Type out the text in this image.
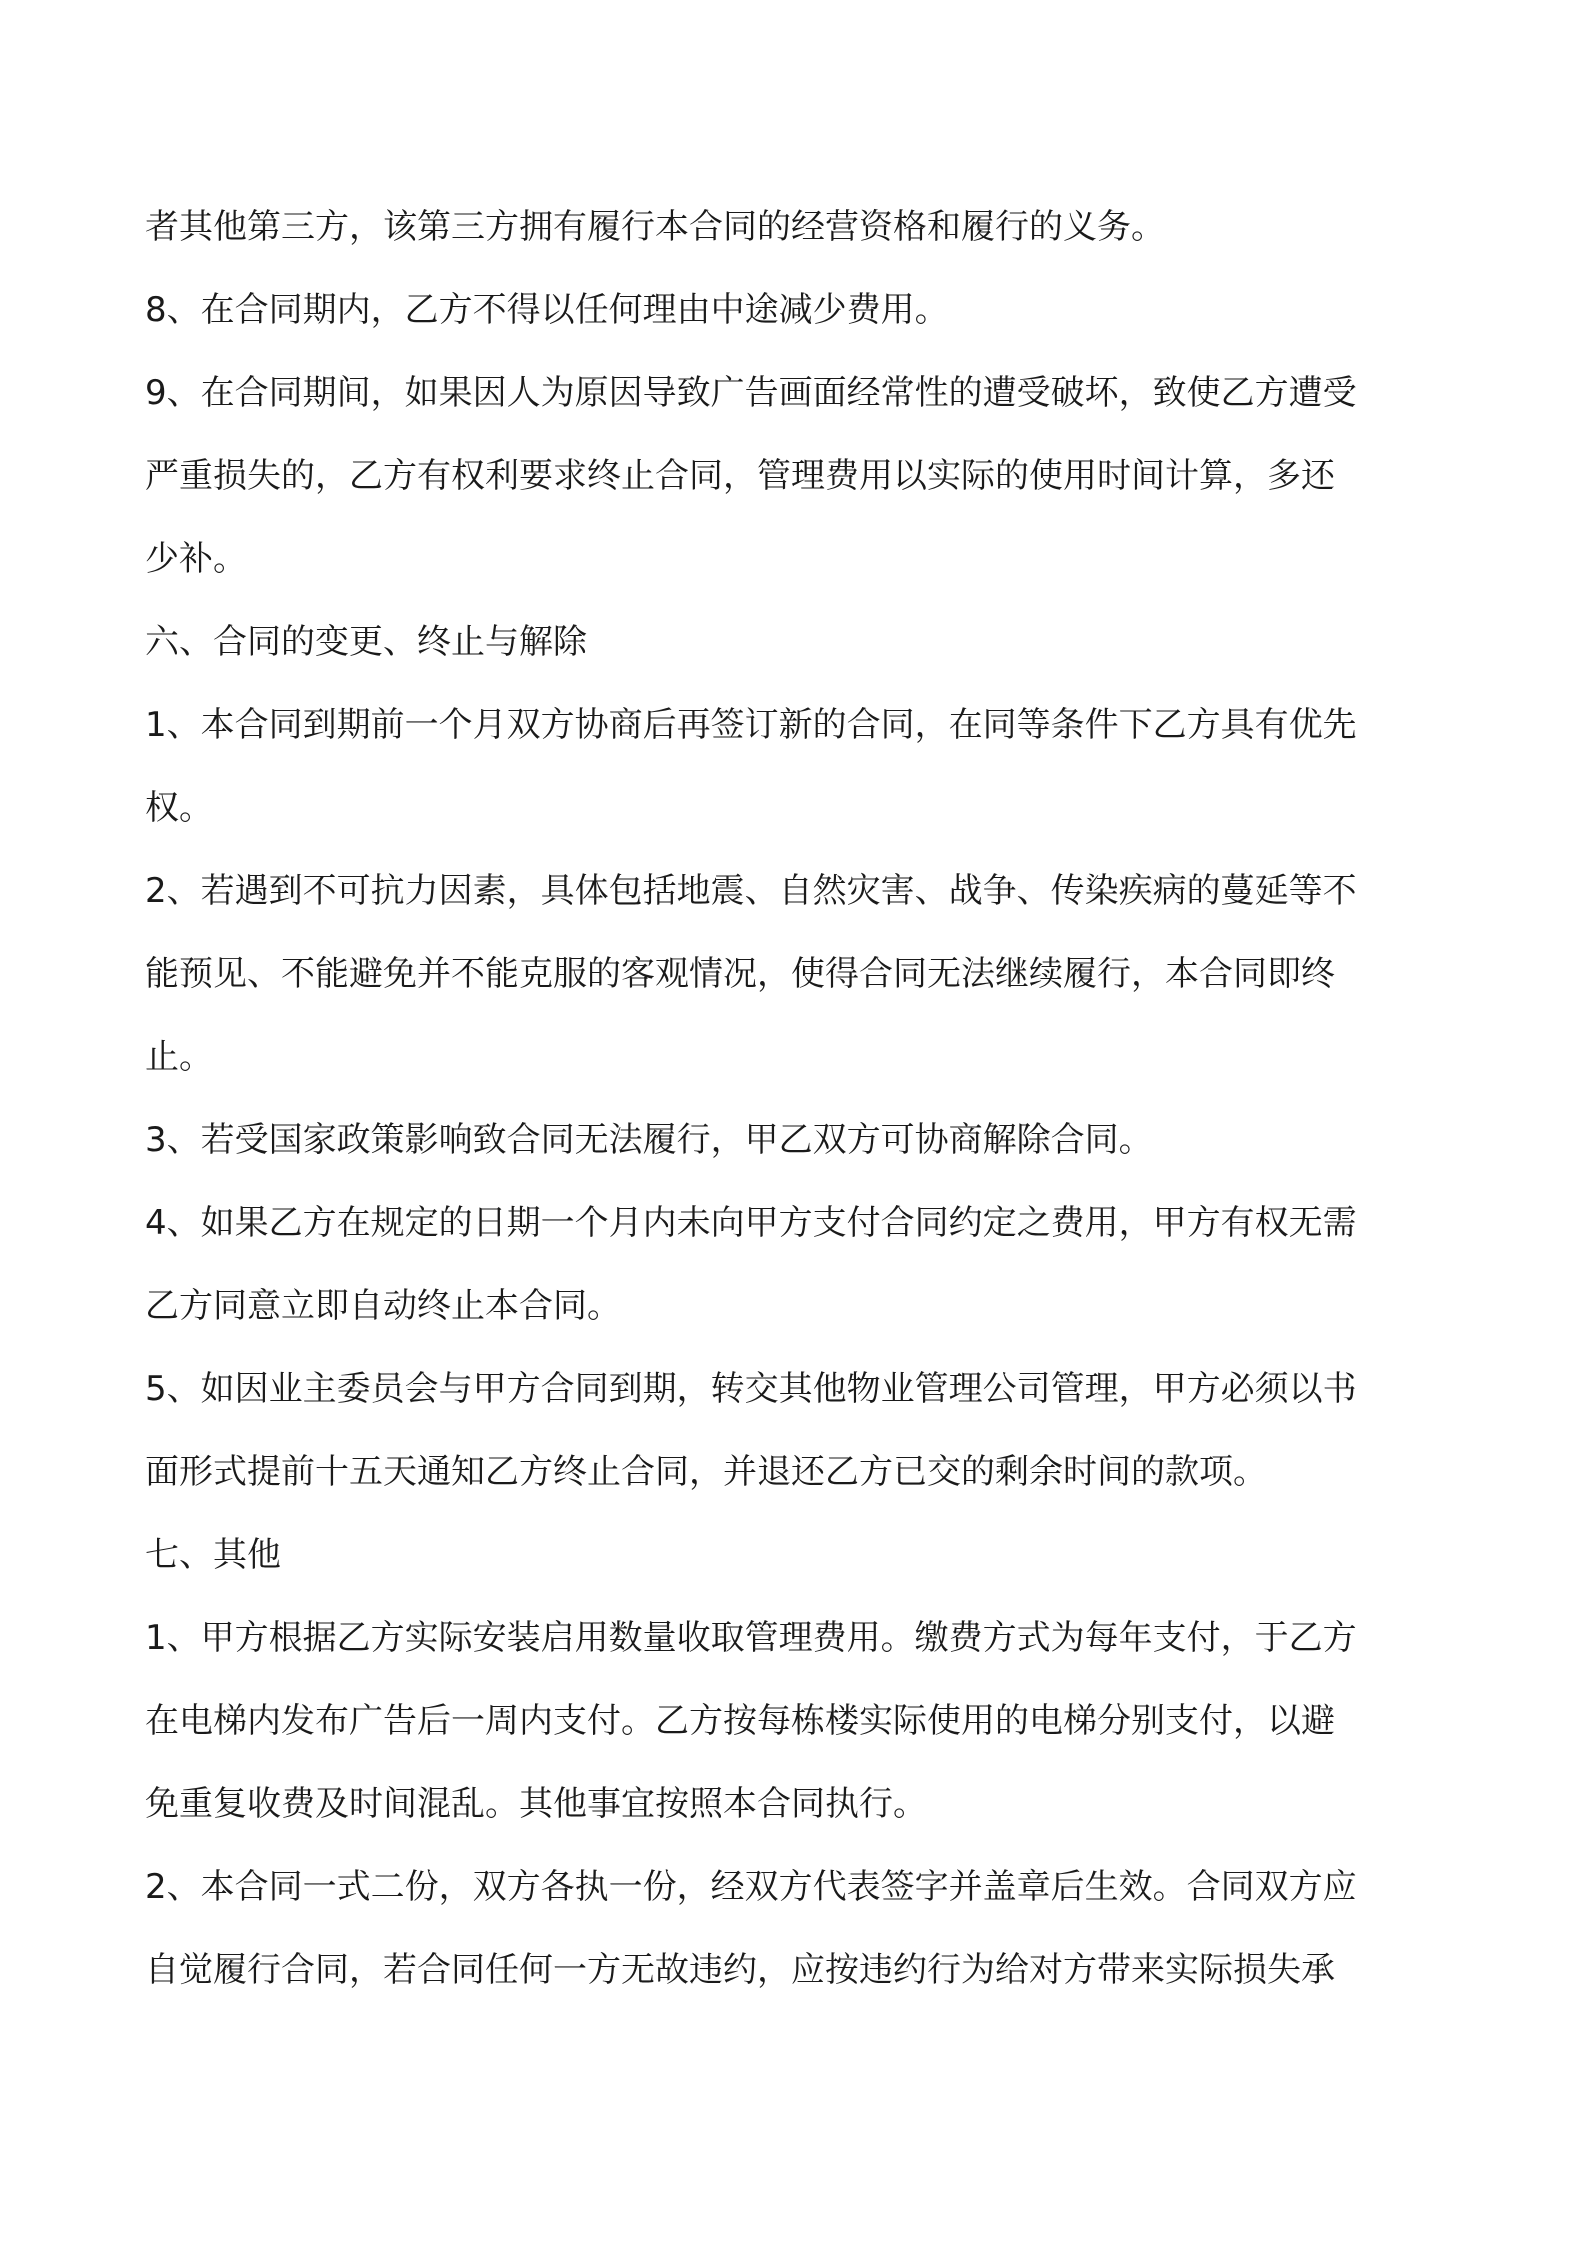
者其他第三方，该第三方拥有履行本合同的经营资格和履行的义务。
8、在合同期内，乙方不得以任何理由中途减少费用。
9、在合同期间，如果因人为原因导致广告画面经常性的遭受破坏，致使乙方遭受
严重损失的，乙方有权利要求终止合同，管理费用以实际的使用时间计算，多还
少补。
六、合同的变更、终止与解除
1、本合同到期前一个月双方协商后再签订新的合同，在同等条件下乙方具有优先
权。
2、若遇到不可抗力因素，具体包括地震、自然灾害、战争、传染疾病的蔓延等不
能预见、不能避免并不能克服的客观情况，使得合同无法继续履行，本合同即终
止。
3、若受国家政策影响致合同无法履行，甲乙双方可协商解除合同。
4、如果乙方在规定的日期一个月内未向甲方支付合同约定之费用，甲方有权无需
乙方同意立即自动终止本合同。
5、如因业主委员会与甲方合同到期，转交其他物业管理公司管理，甲方必须以书
面形式提前十五天通知乙方终止合同，并退还乙方已交的剩余时间的款项。
七、其他
1、甲方根据乙方实际安装启用数量收取管理费用。缴费方式为每年支付，于乙方
在电梯内发布广告后一周内支付。乙方按每栋楼实际使用的电梯分别支付，以避
免重复收费及时间混乱。其他事宜按照本合同执行。
2、本合同一式二份，双方各执一份，经双方代表签字并盖章后生效。合同双方应
自觉履行合同，若合同任何一方无故违约，应按违约行为给对方带来实际损失承
